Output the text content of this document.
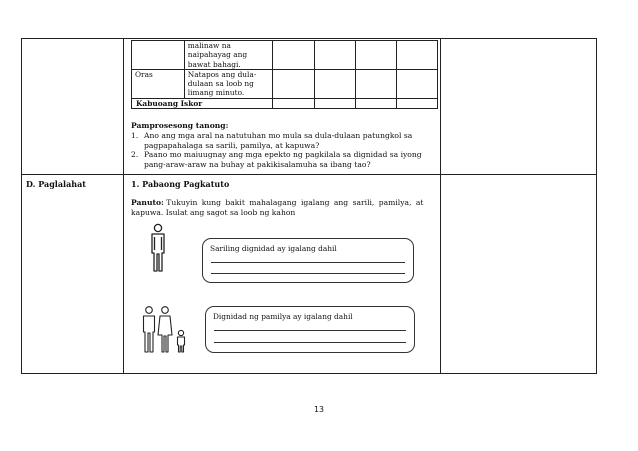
	malinaw na
naipahayag ang
bawat bahagi.				

Oras	Natapos ang dula-
dulaan sa loob ng
limang minuto.				

Kabuoang Iskor					
Pamprosesong tanong:
1. Ano ang mga aral na natutuhan mo mula sa dula-dulaan patungkol sa
pagpapahalaga sa sarili, pamilya, at kapuwa?
2. Paano mo maiuugnay ang mga epekto ng pagkilala sa dignidad sa iyong
pang-araw-araw na buhay at pakikisalamuha sa ibang tao?
D. Paglalahat	1. Pabaong Pagkatuto
Panuto: Tukuyin kung bakit mahalagang igalang ang sarili, pamilya, at
kapuwa. Isulat ang sagot sa loob ng kahon
Sariling dignidad ay igalang dahil
Dignidad ng pamilya ay igalang dahil
13
